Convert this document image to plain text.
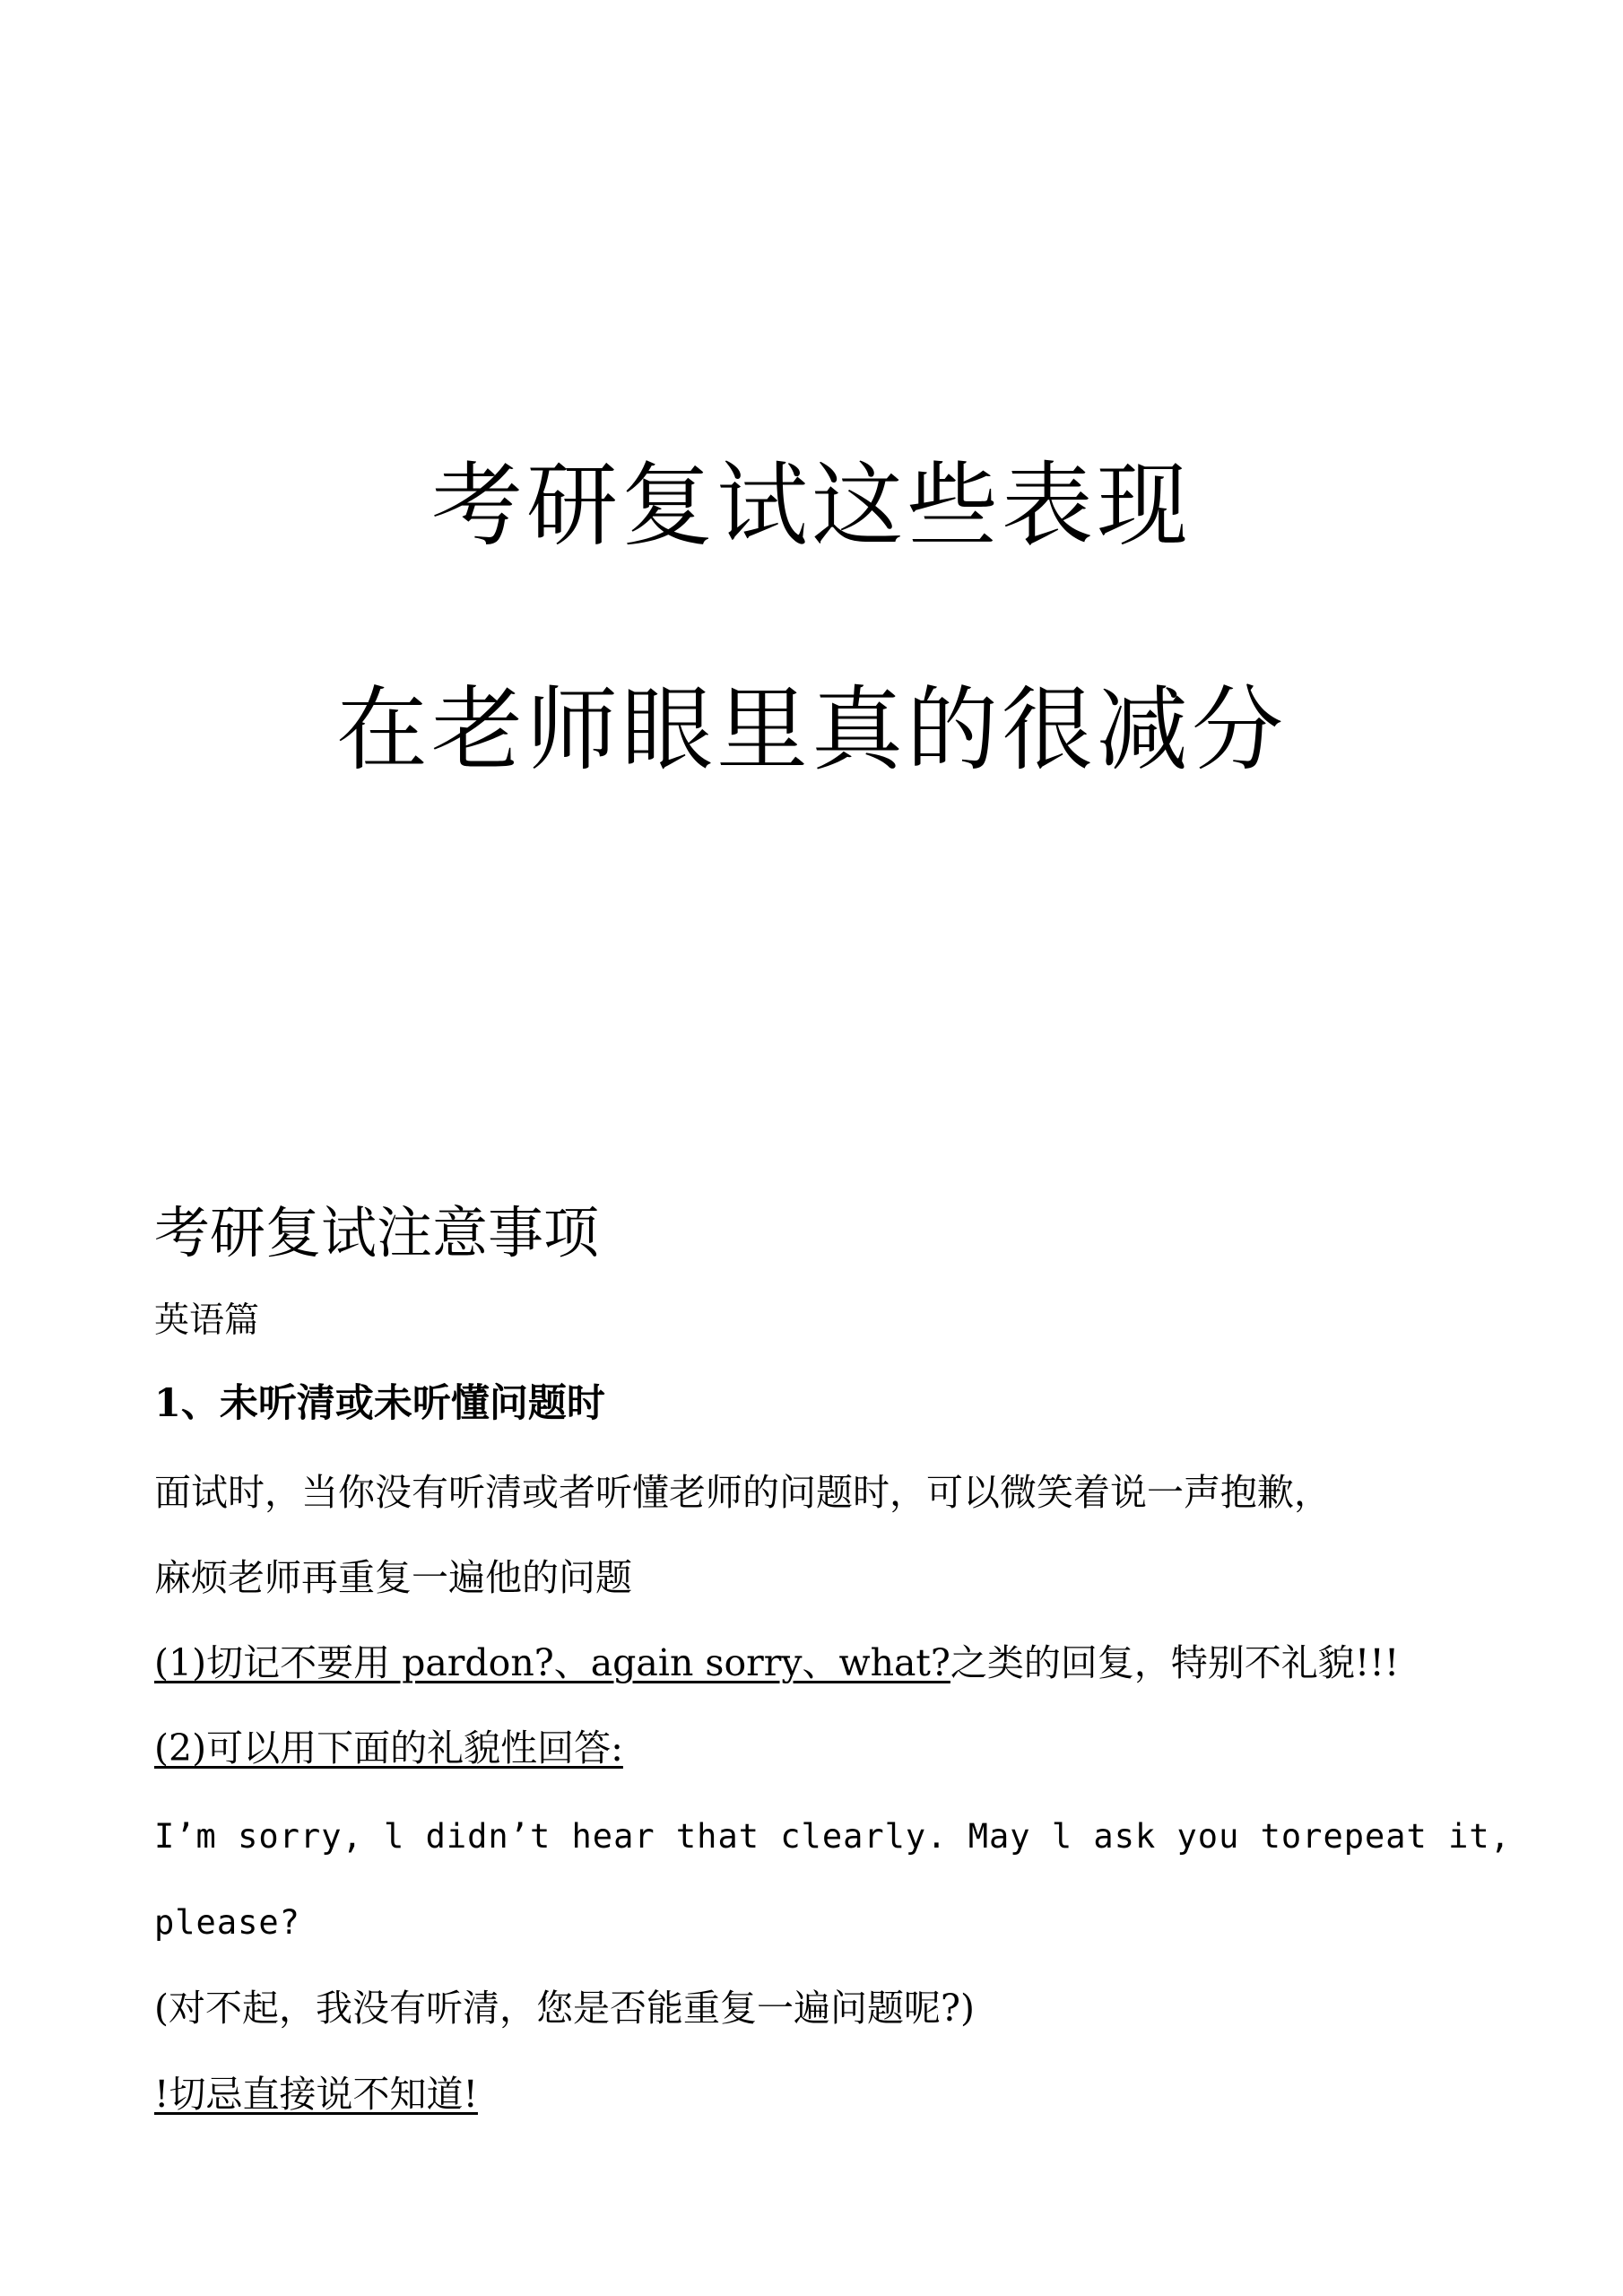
考研复试这些表现
在老师眼里真的很减分
考研复试注意事项
英语篇
1、未听清或未听懂问题时
面试时，当你没有听清或者听懂老师的问题时，可以微笑着说一声抱歉，
麻烦老师再重复一遍他的问题
(1)切记不要用 pardon?、again sorry、what?之类的回复，特别不礼貌!!!
(2)可以用下面的礼貌性回答:
I’m sorry, l didn’t hear that clearly. May l ask you torepeat it,
please?
(对不起，我没有听清，您是否能重复一遍问题呢?)
!切忌直接说不知道!
